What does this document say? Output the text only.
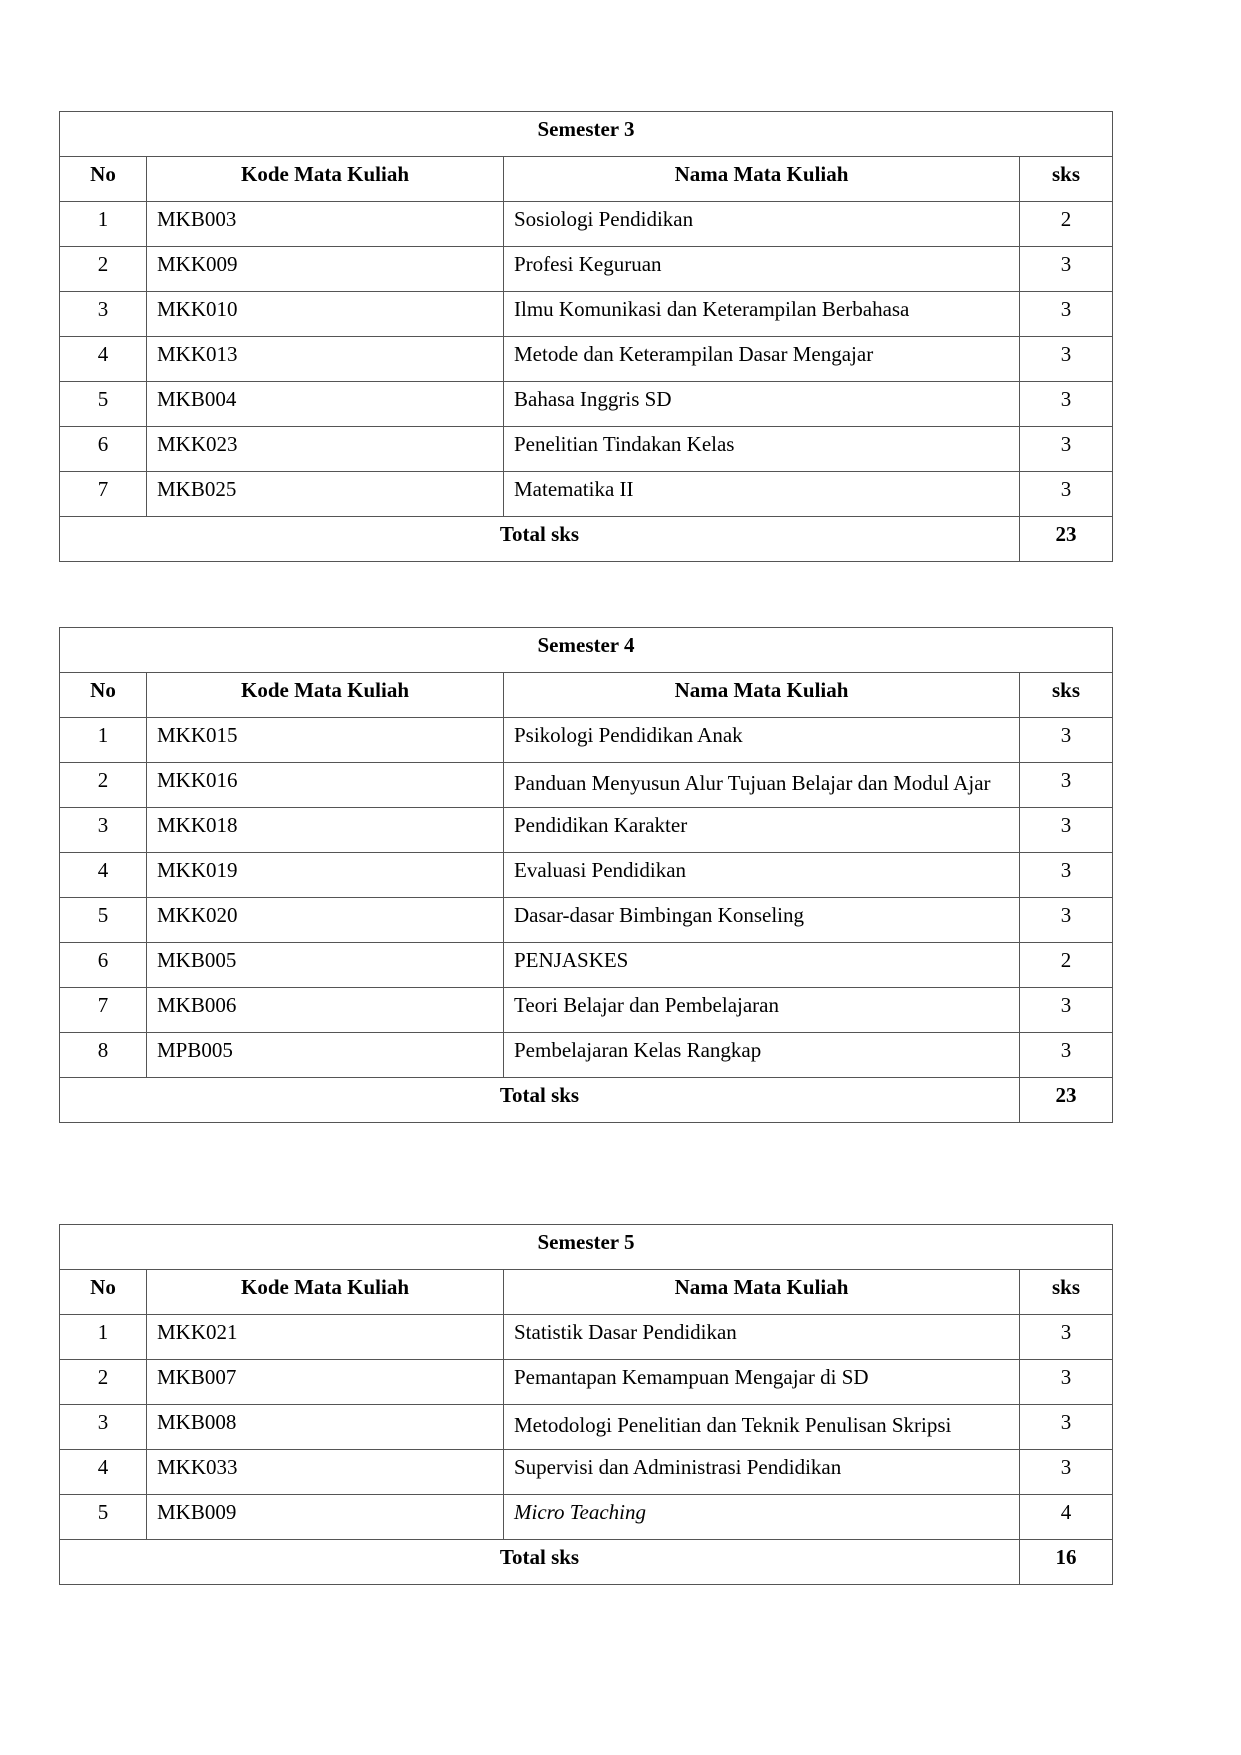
Semester 3			
No	Kode Mata Kuliah	Nama Mata Kuliah	sks
1	MKB003	Sosiologi Pendidikan	2
2	MKK009	Profesi Keguruan	3
3	MKK010	Ilmu Komunikasi dan Keterampilan Berbahasa	3
4	MKK013	Metode dan Keterampilan Dasar Mengajar	3
5	MKB004	Bahasa Inggris SD	3
6	MKK023	Penelitian Tindakan Kelas	3
7	MKB025	Matematika II	3
Total sks			23
Semester 4			
No	Kode Mata Kuliah	Nama Mata Kuliah	sks
1	MKK015	Psikologi Pendidikan Anak	3
2	MKK016	Panduan Menyusun Alur Tujuan Belajar dan Modul Ajar	3
3	MKK018	Pendidikan Karakter	3
4	MKK019	Evaluasi Pendidikan	3
5	MKK020	Dasar-dasar Bimbingan Konseling	3
6	MKB005	PENJASKES	2
7	MKB006	Teori Belajar dan Pembelajaran	3
8	MPB005	Pembelajaran Kelas Rangkap	3
Total sks			23
Semester 5			
No	Kode Mata Kuliah	Nama Mata Kuliah	sks
1	MKK021	Statistik Dasar Pendidikan	3
2	MKB007	Pemantapan Kemampuan Mengajar di SD	3
3	MKB008	Metodologi Penelitian dan Teknik Penulisan Skripsi	3
4	MKK033	Supervisi dan Administrasi Pendidikan	3
5	MKB009	Micro Teaching	4
Total sks			16
